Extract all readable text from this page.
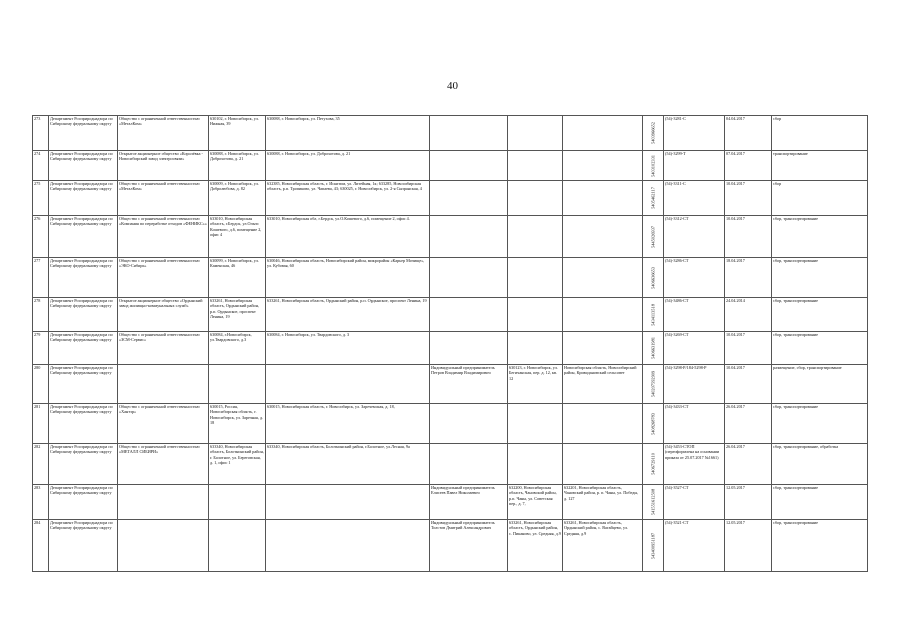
40
273	Департамент Росприроднадзора по Сибирскому федеральному округу	Общество с ограниченной ответственностью «МеталКом»	630102, г. Новосибирск, ул. Нижная, 39	630088, г. Новосибирск, ул. Петухова, 35				5403966652	(54)-3281-С	04.04.2017	сбор
274	Департамент Росприроднадзора по Сибирскому федеральному округу	Открытое акционерное общество «Королёвка - Новосибирский завод электросвязи»	630088, г. Новосибирск, ул. Доброхотова, д. 21	630088, г. Новосибирск, ул. Доброхотова, д. 21				5403102331	(54)-3299-Т	07.04.2017	транспортирование
275	Департамент Росприроднадзора по Сибирскому федеральному округу	Общество с ограниченной ответственностью «МеталКом»	630009, г. Новосибирск, ул. Добролюбова, д. 82	632385, Новосибирская область, г. Искитим, ул. Литейная, 1к; 633285, Новосибирская область, р.п. Тропиково, ул. Чапаева, 43; 630025, г. Новосибирск, ул. 2-я Сызранская, 4				5405462117	(54)-3311-С	10.04.2017	сбор
276	Департамент Росприроднадзора по Сибирскому федеральному округу	Общество с ограниченной ответственностью «Компания по переработке отходов «ФЕНИКС»»	633010, Новосибирская область, г.Бердск, ул.Ольги Кошевого, д.6, помещение 2, офис 4	633010, Новосибирская обл, г.Бердск, ул.О.Кошевого, д.6, помещение 2, офис 4.				5445026937	(54)-3312-СТ	10.04.2017	сбор, транспортирование
277	Департамент Росприроднадзора по Сибирскому федеральному округу	Общество с ограниченной ответственностью «ЭКО-Сибирь»	630099, г. Новосибирск, ул. Каменская, 46	630046, Новосибирская область, Новосибирский район, микрорайон «Карьер Мочище», ул. Кубовая, 60				5406636653	(54)-3286-СТ	18.04.2017	сбор, транспортирование
278	Департамент Росприроднадзора по Сибирскому федеральному округу	Открытое акционерное общество «Ордынский завод жилищно-коммунальных служб»	633261, Новосибирская область, Ордынский район, р.п. Ордынское, проспект Ленина, 19	633261, Новосибирская область, Ордынский район, р.п. Ордынское, проспект Ленина, 19				5434113518	(54)-3486-СТ	24.04.2014	сбор, транспортирование
279	Департамент Росприроднадзора по Сибирскому федеральному округу	Общество с ограниченной ответственностью «ЗСМ-Сервис»	630084, г.Новосибирск, ул.Твардовского, д.3	630084, г. Новосибирск, ул. Твардовского, д. 3				5406631981	(54)-3269-СТ	10.04.2017	сбор, транспортирование
280	Департамент Росприроднадзора по Сибирскому федеральному округу				Индивидуальный предприниматель Петров Владимир Владимирович	630123, г. Новосибирск, ул. Бегичанская, пер. д. 12, кв. 12	Новосибирская область, Новосибирский район, Криводановский сельсовет	540207592909	(54)-3298-Р/184-5298-Р	10.04.2017	размещение, сбор, транспортирование
281	Департамент Росприроднадзора по Сибирскому федеральному округу	Общество с ограниченной ответственностью «Хантэр»	630015, Россия, Новосибирская область, г. Новосибирск, ул. Заречная, д. 18	630015, Новосибирская область, г. Новосибирск, ул. Заречемская, д. 18,				5408268783	(54)-3433-СТ	26.04.2017	сбор, транспортирование
282	Департамент Росприроднадзора по Сибирскому федеральному округу	Общество с ограниченной ответственностью «МЕТАЛЛ СИБИРИ»	633340, Новосибирская область, Болотнинский район, г. Болотное, ул. Береговская, д. 1, офис 1	633340, Новосибирская область, Болотнинский район, г.Болотное, ул.Лесная, 9а				5406729110	(54)-3453-СТОП (переоформлена на основании приказа от 25.07.2017 №1661)	26.04.2017	сбор, транспортирование, обработка
283	Департамент Росприроднадзора по Сибирскому федеральному округу				Индивидуальный предприниматель Елисеев Павел Николаевич	632200, Новосибирская область, Чановский район, р.п. Чаны, ул. Советская пер., д. 7,	632201, Новосибирская область, Чановский район, р. п. Чаны, ул. Победы, д. 127	541551612508	(54)-3527-СТ	12.05.2017	сбор, транспортирование
284	Департамент Росприроднадзора по Сибирскому федеральному округу				Индивидуальный предприниматель Толстов Дмитрий Александрович	633261, Новосибирская область, Ордынский район, с. Пиканово, ул. Средняя, д.9	633261, Новосибирская область, Ордынский район, с. Вагайцево, ул. Средняя, д.9	543400951187	(54)-3521-СТ	12.05.2017	сбор, транспортирование
